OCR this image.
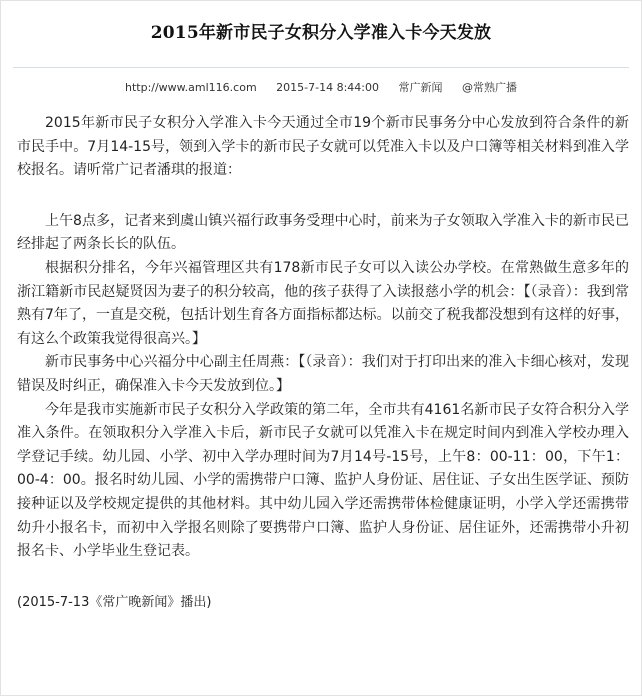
2015年新市民子女积分入学准入卡今天发放
http://www.aml116.com 2015-7-14 8:44:00 常广新闻 @常熟广播

2015年新市民子女积分入学准入卡今天通过全市19个新市民事务分中心发放到符合条件的新市民手中。7月14-15号，领到入学卡的新市民子女就可以凭准入卡以及户口簿等相关材料到准入学校报名。请听常广记者潘琪的报道：

上午8点多，记者来到虞山镇兴福行政事务受理中心时，前来为子女领取入学准入卡的新市民已经排起了两条长长的队伍。

根据积分排名，今年兴福管理区共有178新市民子女可以入读公办学校。在常熟做生意多年的浙江籍新市民赵疑贤因为妻子的积分较高，他的孩子获得了入读报慈小学的机会：【（录音）：我到常熟有7年了，一直是交税，包括计划生育各方面指标都达标。以前交了税我都没想到有这样的好事，有这么个政策我觉得很高兴。】

新市民事务中心兴福分中心副主任周燕：【（录音）：我们对于打印出来的准入卡细心核对，发现错误及时纠正，确保准入卡今天发放到位。】

今年是我市实施新市民子女积分入学政策的第二年，全市共有4161名新市民子女符合积分入学准入条件。在领取积分入学准入卡后，新市民子女就可以凭准入卡在规定时间内到准入学校办理入学登记手续。幼儿园、小学、初中入学办理时间为7月14号-15号，上午8：00-11：00，下午1：00-4：00。报名时幼儿园、小学的需携带户口簿、监护人身份证、居住证、子女出生医学证、预防接种证以及学校规定提供的其他材料。其中幼儿园入学还需携带体检健康证明，小学入学还需携带幼升小报名卡，而初中入学报名则除了要携带户口簿、监护人身份证、居住证外，还需携带小升初报名卡、小学毕业生登记表。

(2015-7-13《常广晚新闻》播出)
